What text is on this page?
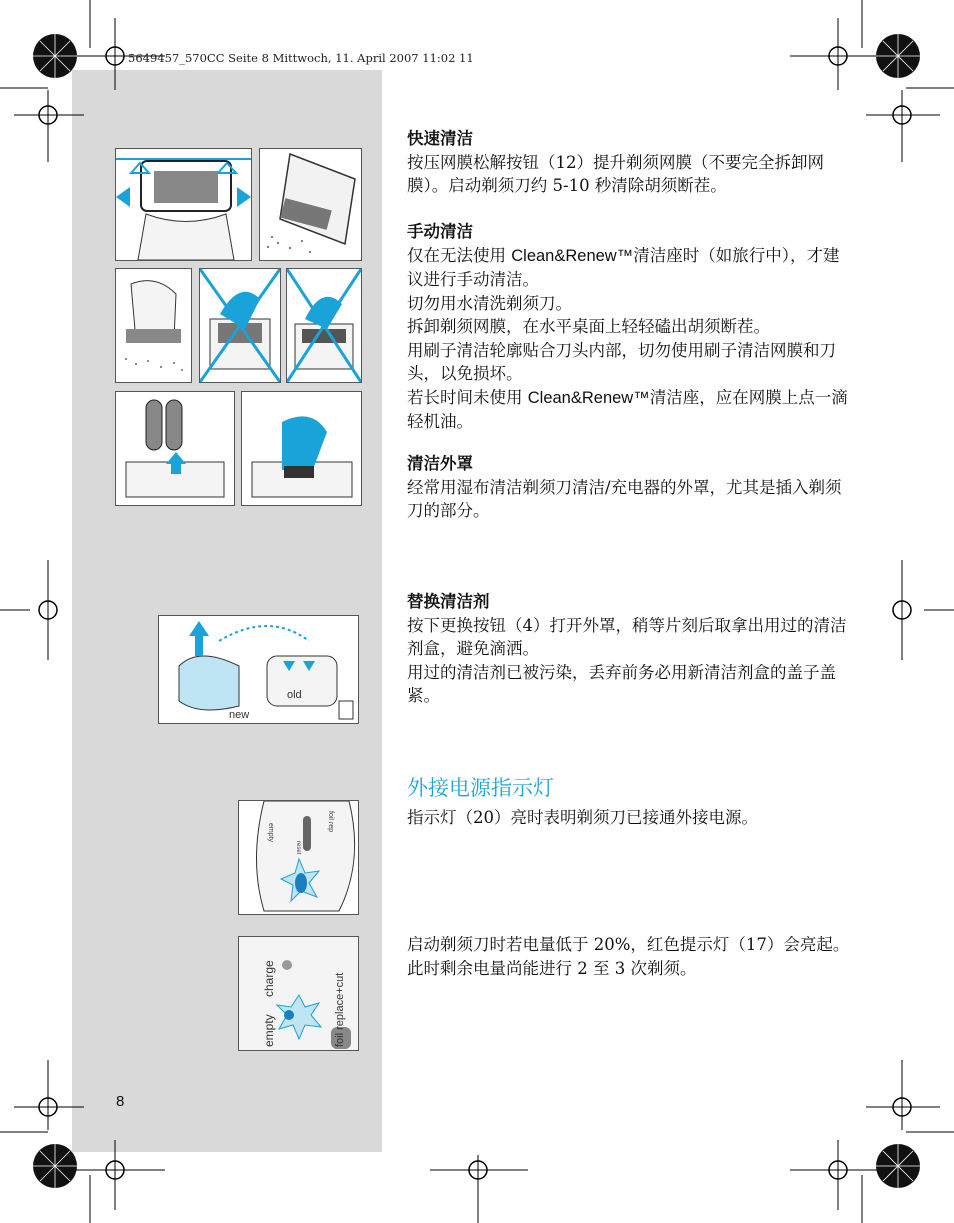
5649457_570CC Seite 8 Mittwoch, 11. April 2007 11:02 11
8
old
new
empty
foil rep
reset
empty
charge	foil replace+cut

快速清洁

按压网膜松解按钮（12）提升剃须网膜（不要完全拆卸网膜）。启动剃须刀约 5-10 秒清除胡须断茬。

手动清洁

仅在无法使用 Clean&Renew™清洁座时（如旅行中），才建议进行手动清洁。

切勿用水清洗剃须刀。

拆卸剃须网膜，在水平桌面上轻轻磕出胡须断茬。

用刷子清洁轮廓贴合刀头内部，切勿使用刷子清洁网膜和刀头，以免损坏。

若长时间未使用 Clean&Renew™清洁座，应在网膜上点一滴轻机油。

清洁外罩

经常用湿布清洁剃须刀清洁/充电器的外罩，尤其是插入剃须刀的部分。

替换清洁剂

按下更换按钮（4）打开外罩，稍等片刻后取拿出用过的清洁剂盒，避免滴洒。

用过的清洁剂已被污染，丢弃前务必用新清洁剂盒的盖子盖紧。

外接电源指示灯

指示灯（20）亮时表明剃须刀已接通外接电源。

启动剃须刀时若电量低于 20%，红色提示灯（17）会亮起。此时剩余电量尚能进行 2 至 3 次剃须。
